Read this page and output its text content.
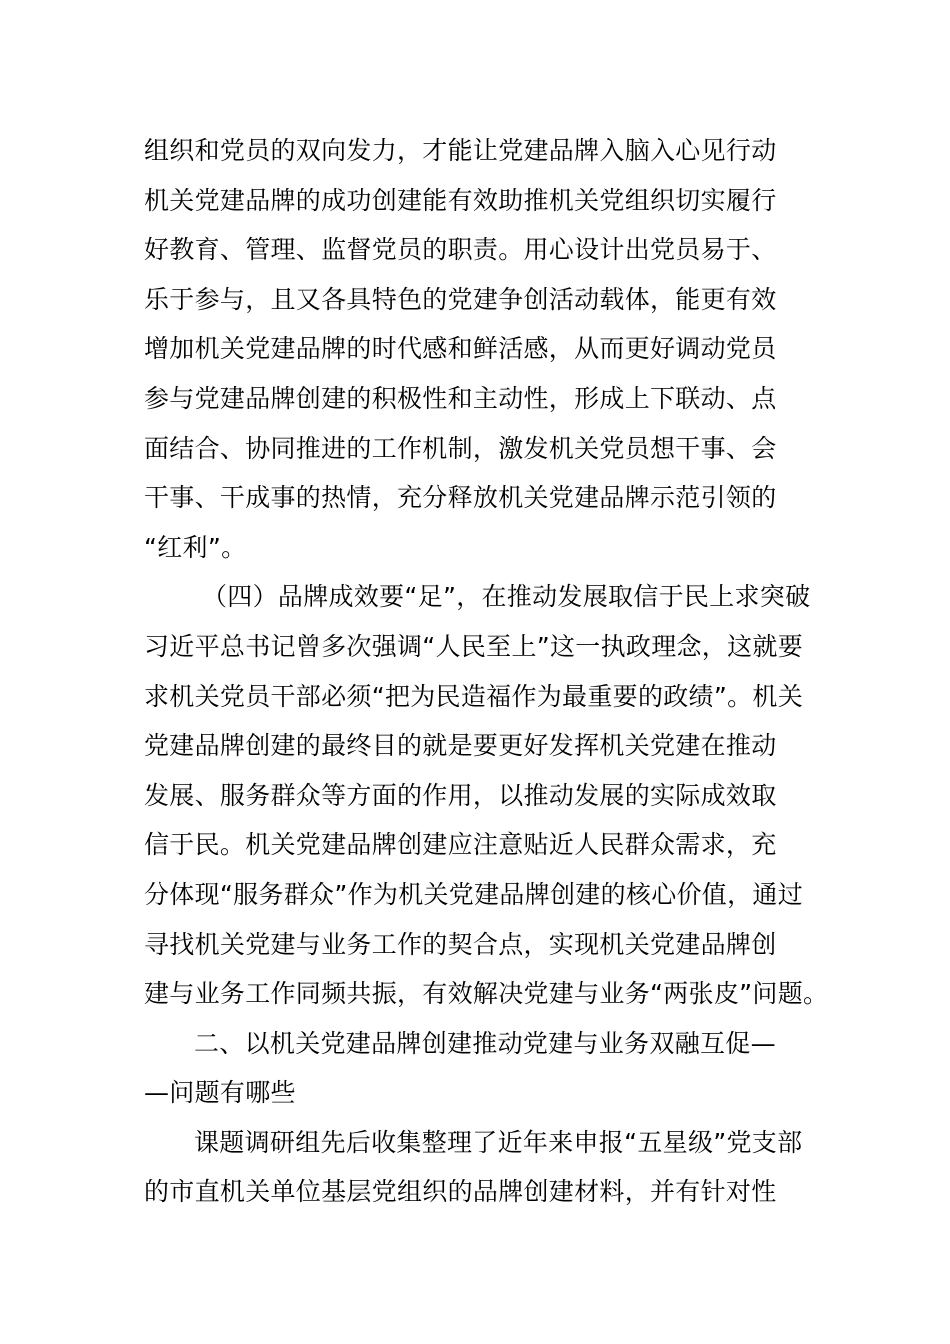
组织和党员的双向发力，才能让党建品牌入脑入心见行动
机关党建品牌的成功创建能有效助推机关党组织切实履行
好教育、管理、监督党员的职责。用心设计出党员易于、
乐于参与，且又各具特色的党建争创活动载体，能更有效
增加机关党建品牌的时代感和鲜活感，从而更好调动党员
参与党建品牌创建的积极性和主动性，形成上下联动、点
面结合、协同推进的工作机制，激发机关党员想干事、会
干事、干成事的热情，充分释放机关党建品牌示范引领的
“红利”。
（四）品牌成效要“足”，在推动发展取信于民上求突破
习近平总书记曾多次强调“人民至上”这一执政理念，这就要
求机关党员干部必须“把为民造福作为最重要的政绩”。机关
党建品牌创建的最终目的就是要更好发挥机关党建在推动
发展、服务群众等方面的作用，以推动发展的实际成效取
信于民。机关党建品牌创建应注意贴近人民群众需求，充
分体现“服务群众”作为机关党建品牌创建的核心价值，通过
寻找机关党建与业务工作的契合点，实现机关党建品牌创
建与业务工作同频共振，有效解决党建与业务“两张皮”问题。
二、以机关党建品牌创建推动党建与业务双融互促—
—问题有哪些
课题调研组先后收集整理了近年来申报“五星级”党支部
的市直机关单位基层党组织的品牌创建材料，并有针对性
